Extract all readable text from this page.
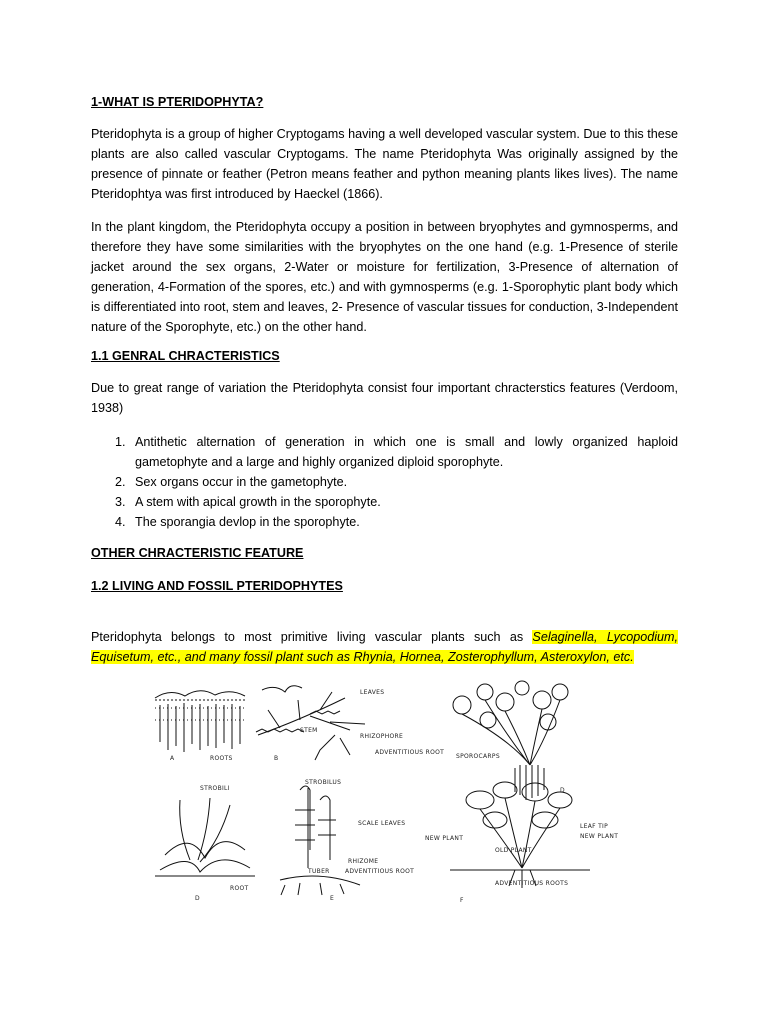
1-WHAT IS PTERIDOPHYTA?

Pteridophyta is a group of higher Cryptogams having a well developed vascular system. Due to this these plants are also called vascular Cryptogams. The name Pteridophyta Was originally assigned by the presence of pinnate or feather (Petron means feather and python meaning plants likes lives). The name Pteridophtya was first introduced by Haeckel (1866).

In the plant kingdom, the Pteridophyta occupy a position in between bryophytes and gymnosperms, and therefore they have some similarities with the bryophytes on the one hand (e.g. 1-Presence of sterile jacket around the sex organs, 2-Water or moisture for fertilization, 3-Presence of alternation of generation, 4-Formation of the spores, etc.) and with gymnosperms (e.g. 1-Sporophytic plant body which is differentiated into root, stem and leaves, 2- Presence of vascular tissues for conduction, 3-Independent nature of the Sporophyte, etc.) on the other hand.

1.1 GENRAL CHRACTERISTICS

Due to great range of variation the Pteridophyta consist four important chracterstics features (Verdoom, 1938)

1. Antithetic alternation of generation in which one is small and lowly organized haploid gametophyte and a large and highly organized diploid sporophyte.
2. Sex organs occur in the gametophyte.
3. A stem with apical growth in the sporophyte.
4. The sporangia devlop in the sporophyte.
OTHER CHRACTERISTIC FEATURE
1.2 LIVING AND FOSSIL PTERIDOPHYTES

Pteridophyta belongs to most primitive living vascular plants such as Selaginella, Lycopodium, Equisetum, etc., and many fossil plant such as Rhynia, Hornea, Zosterophyllum, Asteroxylon, etc.

A	ROOTS
LEAVES
STEM
RHIZOPHORE
ADVENTITIOUS ROOT
B	SPOROCARPS
D
STROBILI
STROBILUS
SCALE LEAVES
RHIZOME
ADVENTITIOUS ROOT
TUBER
ROOT
D	E
NEW PLANT
OLD PLANT
LEAF TIP
NEW PLANT
ADVENTITIOUS ROOTS
F
